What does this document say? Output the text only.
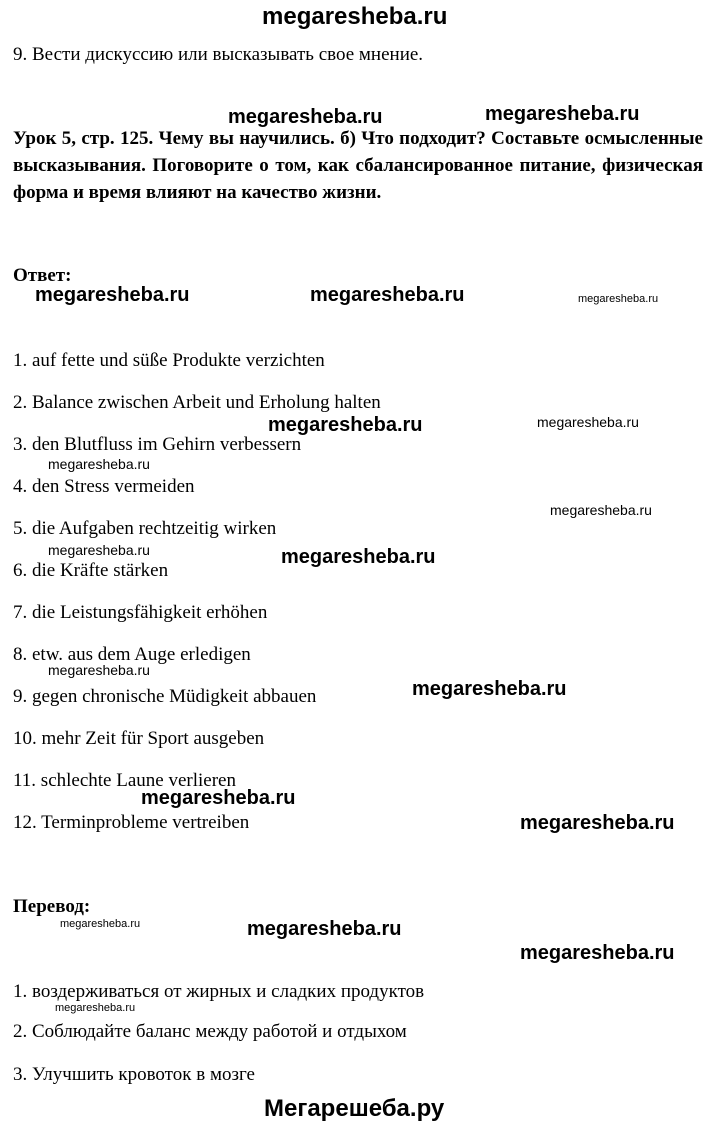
megaresheba.ru
9. Вести дискуссию или высказывать свое мнение.
megaresheba.ru	megaresheba.ru
Урок 5, стр. 125. Чему вы научились. б) Что подходит? Составьте осмысленные высказывания. Поговорите о том, как сбалансированное питание, физическая форма и время влияют на качество жизни.
Ответ:
megaresheba.ru	megaresheba.ru	megaresheba.ru
1. auf fette und süße Produkte verzichten
2. Balance zwischen Arbeit und Erholung halten
3. den Blutfluss im Gehirn verbessern
4. den Stress vermeiden
5. die Aufgaben rechtzeitig wirken
6. die Kräfte stärken
7. die Leistungsfähigkeit erhöhen
8. etw. aus dem Auge erledigen
9. gegen chronische Müdigkeit abbauen
10. mehr Zeit für Sport ausgeben
11. schlechte Laune verlieren
12. Terminprobleme vertreiben
megaresheba.ru	megaresheba.ru
megaresheba.ru
megaresheba.ru
megaresheba.ru	megaresheba.ru
megaresheba.ru
megaresheba.ru
megaresheba.ru
megaresheba.ru
Перевод:
megaresheba.ru	megaresheba.ru
megaresheba.ru
1. воздерживаться от жирных и сладких продуктов
2. Соблюдайте баланс между работой и отдыхом
3. Улучшить кровоток в мозге
megaresheba.ru
Мегарешеба.ру
